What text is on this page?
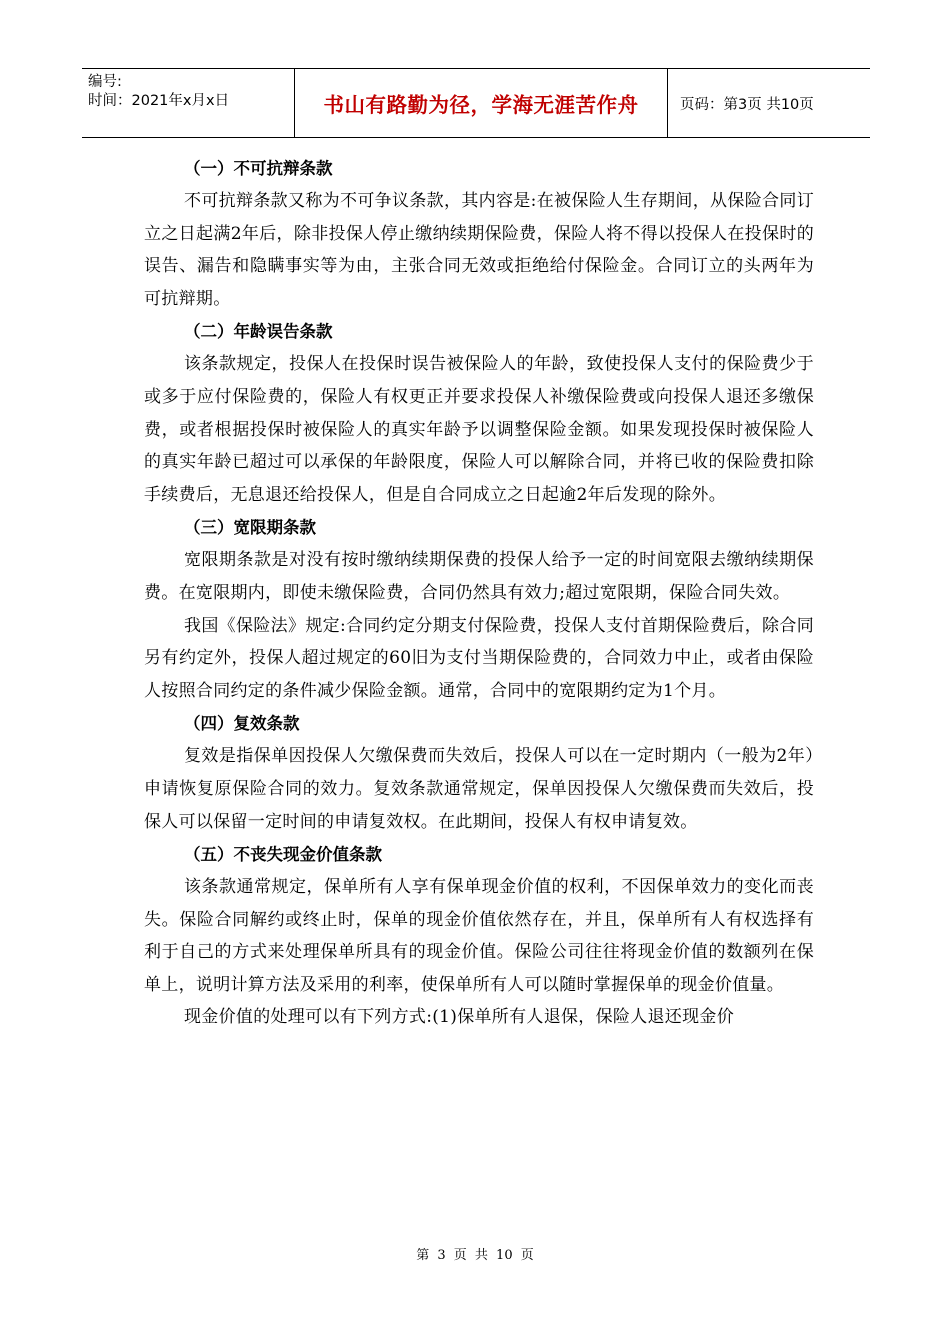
编号:
时间：2021年x月x日	书山有路勤为径，学海无涯苦作舟	页码：第3页 共10页
（一）不可抗辩条款

不可抗辩条款又称为不可争议条款，其内容是:在被保险人生存期间，从保险合同订立之日起满2年后，除非投保人停止缴纳续期保险费，保险人将不得以投保人在投保时的误告、漏告和隐瞒事实等为由，主张合同无效或拒绝给付保险金。合同订立的头两年为可抗辩期。

（二）年龄误告条款

该条款规定，投保人在投保时误告被保险人的年龄，致使投保人支付的保险费少于或多于应付保险费的，保险人有权更正并要求投保人补缴保险费或向投保人退还多缴保费，或者根据投保时被保险人的真实年龄予以调整保险金额。如果发现投保时被保险人的真实年龄已超过可以承保的年龄限度，保险人可以解除合同，并将已收的保险费扣除手续费后，无息退还给投保人，但是自合同成立之日起逾2年后发现的除外。

（三）宽限期条款

宽限期条款是对没有按时缴纳续期保费的投保人给予一定的时间宽限去缴纳续期保费。在宽限期内，即使未缴保险费，合同仍然具有效力;超过宽限期，保险合同失效。

我国《保险法》规定:合同约定分期支付保险费，投保人支付首期保险费后，除合同另有约定外，投保人超过规定的60旧为支付当期保险费的，合同效力中止，或者由保险人按照合同约定的条件减少保险金额。通常，合同中的宽限期约定为1个月。

（四）复效条款

复效是指保单因投保人欠缴保费而失效后，投保人可以在一定时期内（一般为2年）申请恢复原保险合同的效力。复效条款通常规定，保单因投保人欠缴保费而失效后，投保人可以保留一定时间的申请复效权。在此期间，投保人有权申请复效。

（五）不丧失现金价值条款

该条款通常规定，保单所有人享有保单现金价值的权利，不因保单效力的变化而丧失。保险合同解约或终止时，保单的现金价值依然存在，并且，保单所有人有权选择有利于自己的方式来处理保单所具有的现金价值。保险公司往往将现金价值的数额列在保单上，说明计算方法及采用的利率，使保单所有人可以随时掌握保单的现金价值量。

现金价值的处理可以有下列方式:(1)保单所有人退保，保险人退还现金价

第 3 页 共 10 页
